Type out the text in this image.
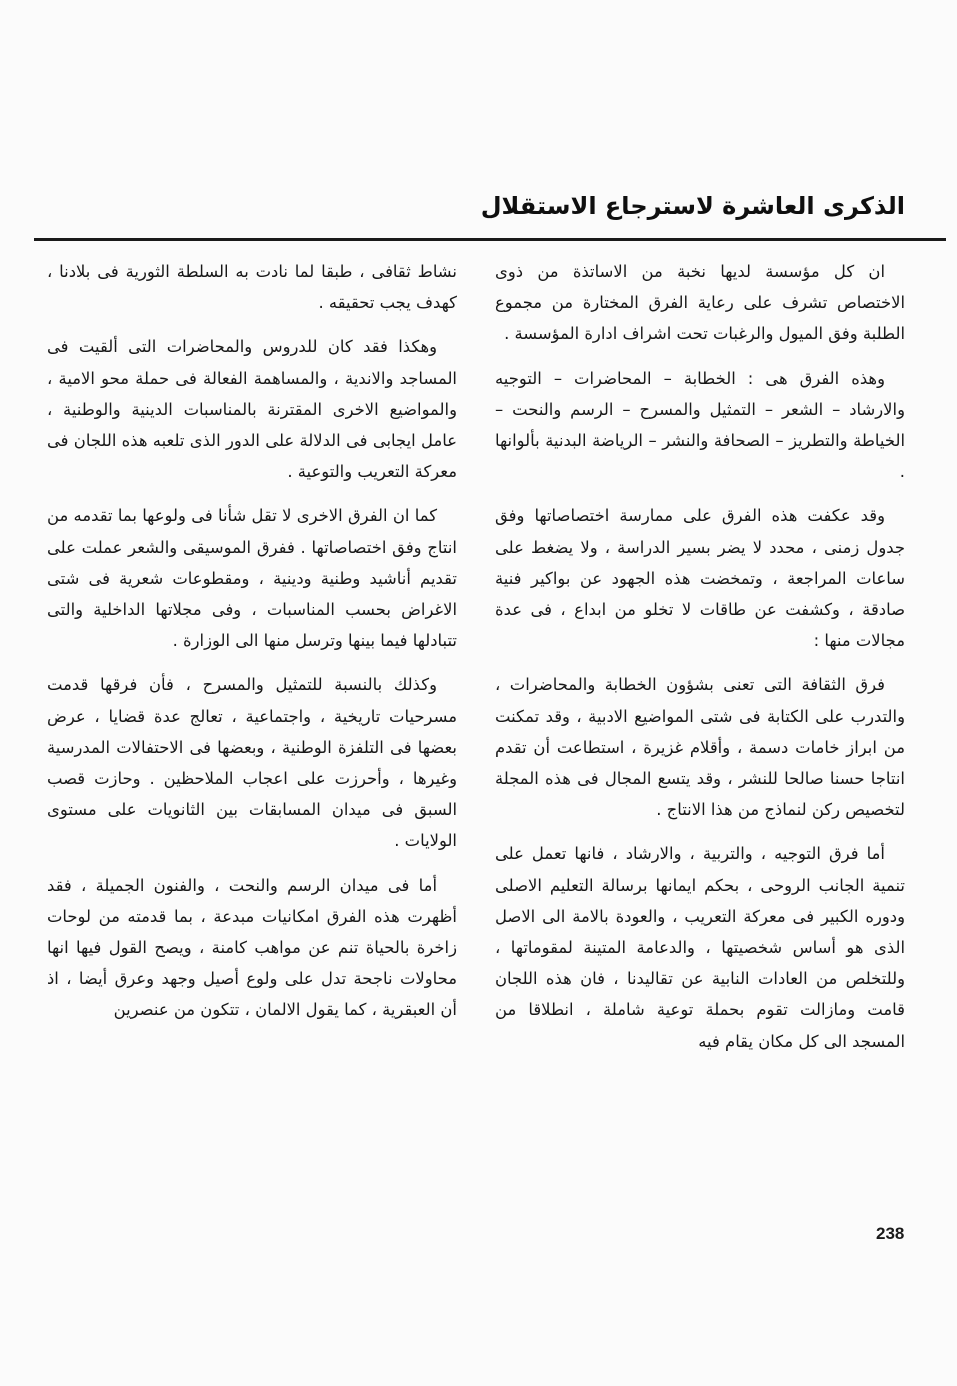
الذكرى العاشرة لاسترجاع الاستقلال

ان كل مؤسسة لديها نخبة من الاساتذة من ذوى الاختصاص تشرف على رعاية الفرق المختارة من مجموع الطلبة وفق الميول والرغبات تحت اشراف ادارة المؤسسة .

وهذه الفرق هى : الخطابة – المحاضرات – التوجيه والارشاد – الشعر – التمثيل والمسرح – الرسم والنحت – الخياطة والتطريز – الصحافة والنشر – الرياضة البدنية بألوانها .

وقد عكفت هذه الفرق على ممارسة اختصاصاتها وفق جدول زمنى ، محدد لا يضر بسير الدراسة ، ولا يضغط على ساعات المراجعة ، وتمخضت هذه الجهود عن بواكير فنية صادقة ، وكشفت عن طاقات لا تخلو من ابداع ، فى عدة مجالات منها :

فرق الثقافة التى تعنى بشؤون الخطابة والمحاضرات ، والتدرب على الكتابة فى شتى المواضيع الادبية ، وقد تمكنت من ابراز خامات دسمة ، وأقلام غزيرة ، استطاعت أن تقدم انتاجا حسنا صالحا للنشر ، وقد يتسع المجال فى هذه المجلة لتخصيص ركن لنماذج من هذا الانتاج .

أما فرق التوجيه ، والتربية ، والارشاد ، فانها تعمل على تنمية الجانب الروحى ، بحكم ايمانها برسالة التعليم الاصلى ودوره الكبير فى معركة التعريب ، والعودة بالامة الى الاصل الذى هو أساس شخصيتها ، والدعامة المتينة لمقوماتها ، وللتخلص من العادات النابية عن تقاليدنا ، فان هذه اللجان قامت ومازالت تقوم بحملة توعية شاملة ، انطلاقا من المسجد الى كل مكان يقام فيه

نشاط ثقافى ، طبقا لما نادت به السلطة الثورية فى بلادنا ، كهدف يجب تحقيقه .

وهكذا فقد كان للدروس والمحاضرات التى ألقيت فى المساجد والاندية ، والمساهمة الفعالة فى حملة محو الامية ، والمواضيع الاخرى المقترنة بالمناسبات الدينية والوطنية ، عامل ايجابى فى الدلالة على الدور الذى تلعبه هذه اللجان فى معركة التعريب والتوعية .

كما ان الفرق الاخرى لا تقل شأنا فى ولوعها بما تقدمه من انتاج وفق اختصاصاتها . ففرق الموسيقى والشعر عملت على تقديم أناشيد وطنية ودينية ، ومقطوعات شعرية فى شتى الاغراض بحسب المناسبات ، وفى مجلاتها الداخلية والتى تتبادلها فيما بينها وترسل منها الى الوزارة .

وكذلك بالنسبة للتمثيل والمسرح ، فأن فرقها قدمت مسرحيات تاريخية ، واجتماعية ، تعالج عدة قضايا ، عرض بعضها فى التلفزة الوطنية ، وبعضها فى الاحتفالات المدرسية وغيرها ، وأحرزت على اعجاب الملاحظين . وحازت قصب السبق فى ميدان المسابقات بين الثانويات على مستوى الولايات .

أما فى ميدان الرسم والنحت ، والفنون الجميلة ، فقد أظهرت هذه الفرق امكانيات مبدعة ، بما قدمته من لوحات زاخرة بالحياة تنم عن مواهب كامنة ، ويصح القول فيها انها محاولات ناجحة تدل على ولوع أصيل وجهد وعرق أيضا ، اذ أن العبقرية ، كما يقول الالمان ، تتكون من عنصرين

238
